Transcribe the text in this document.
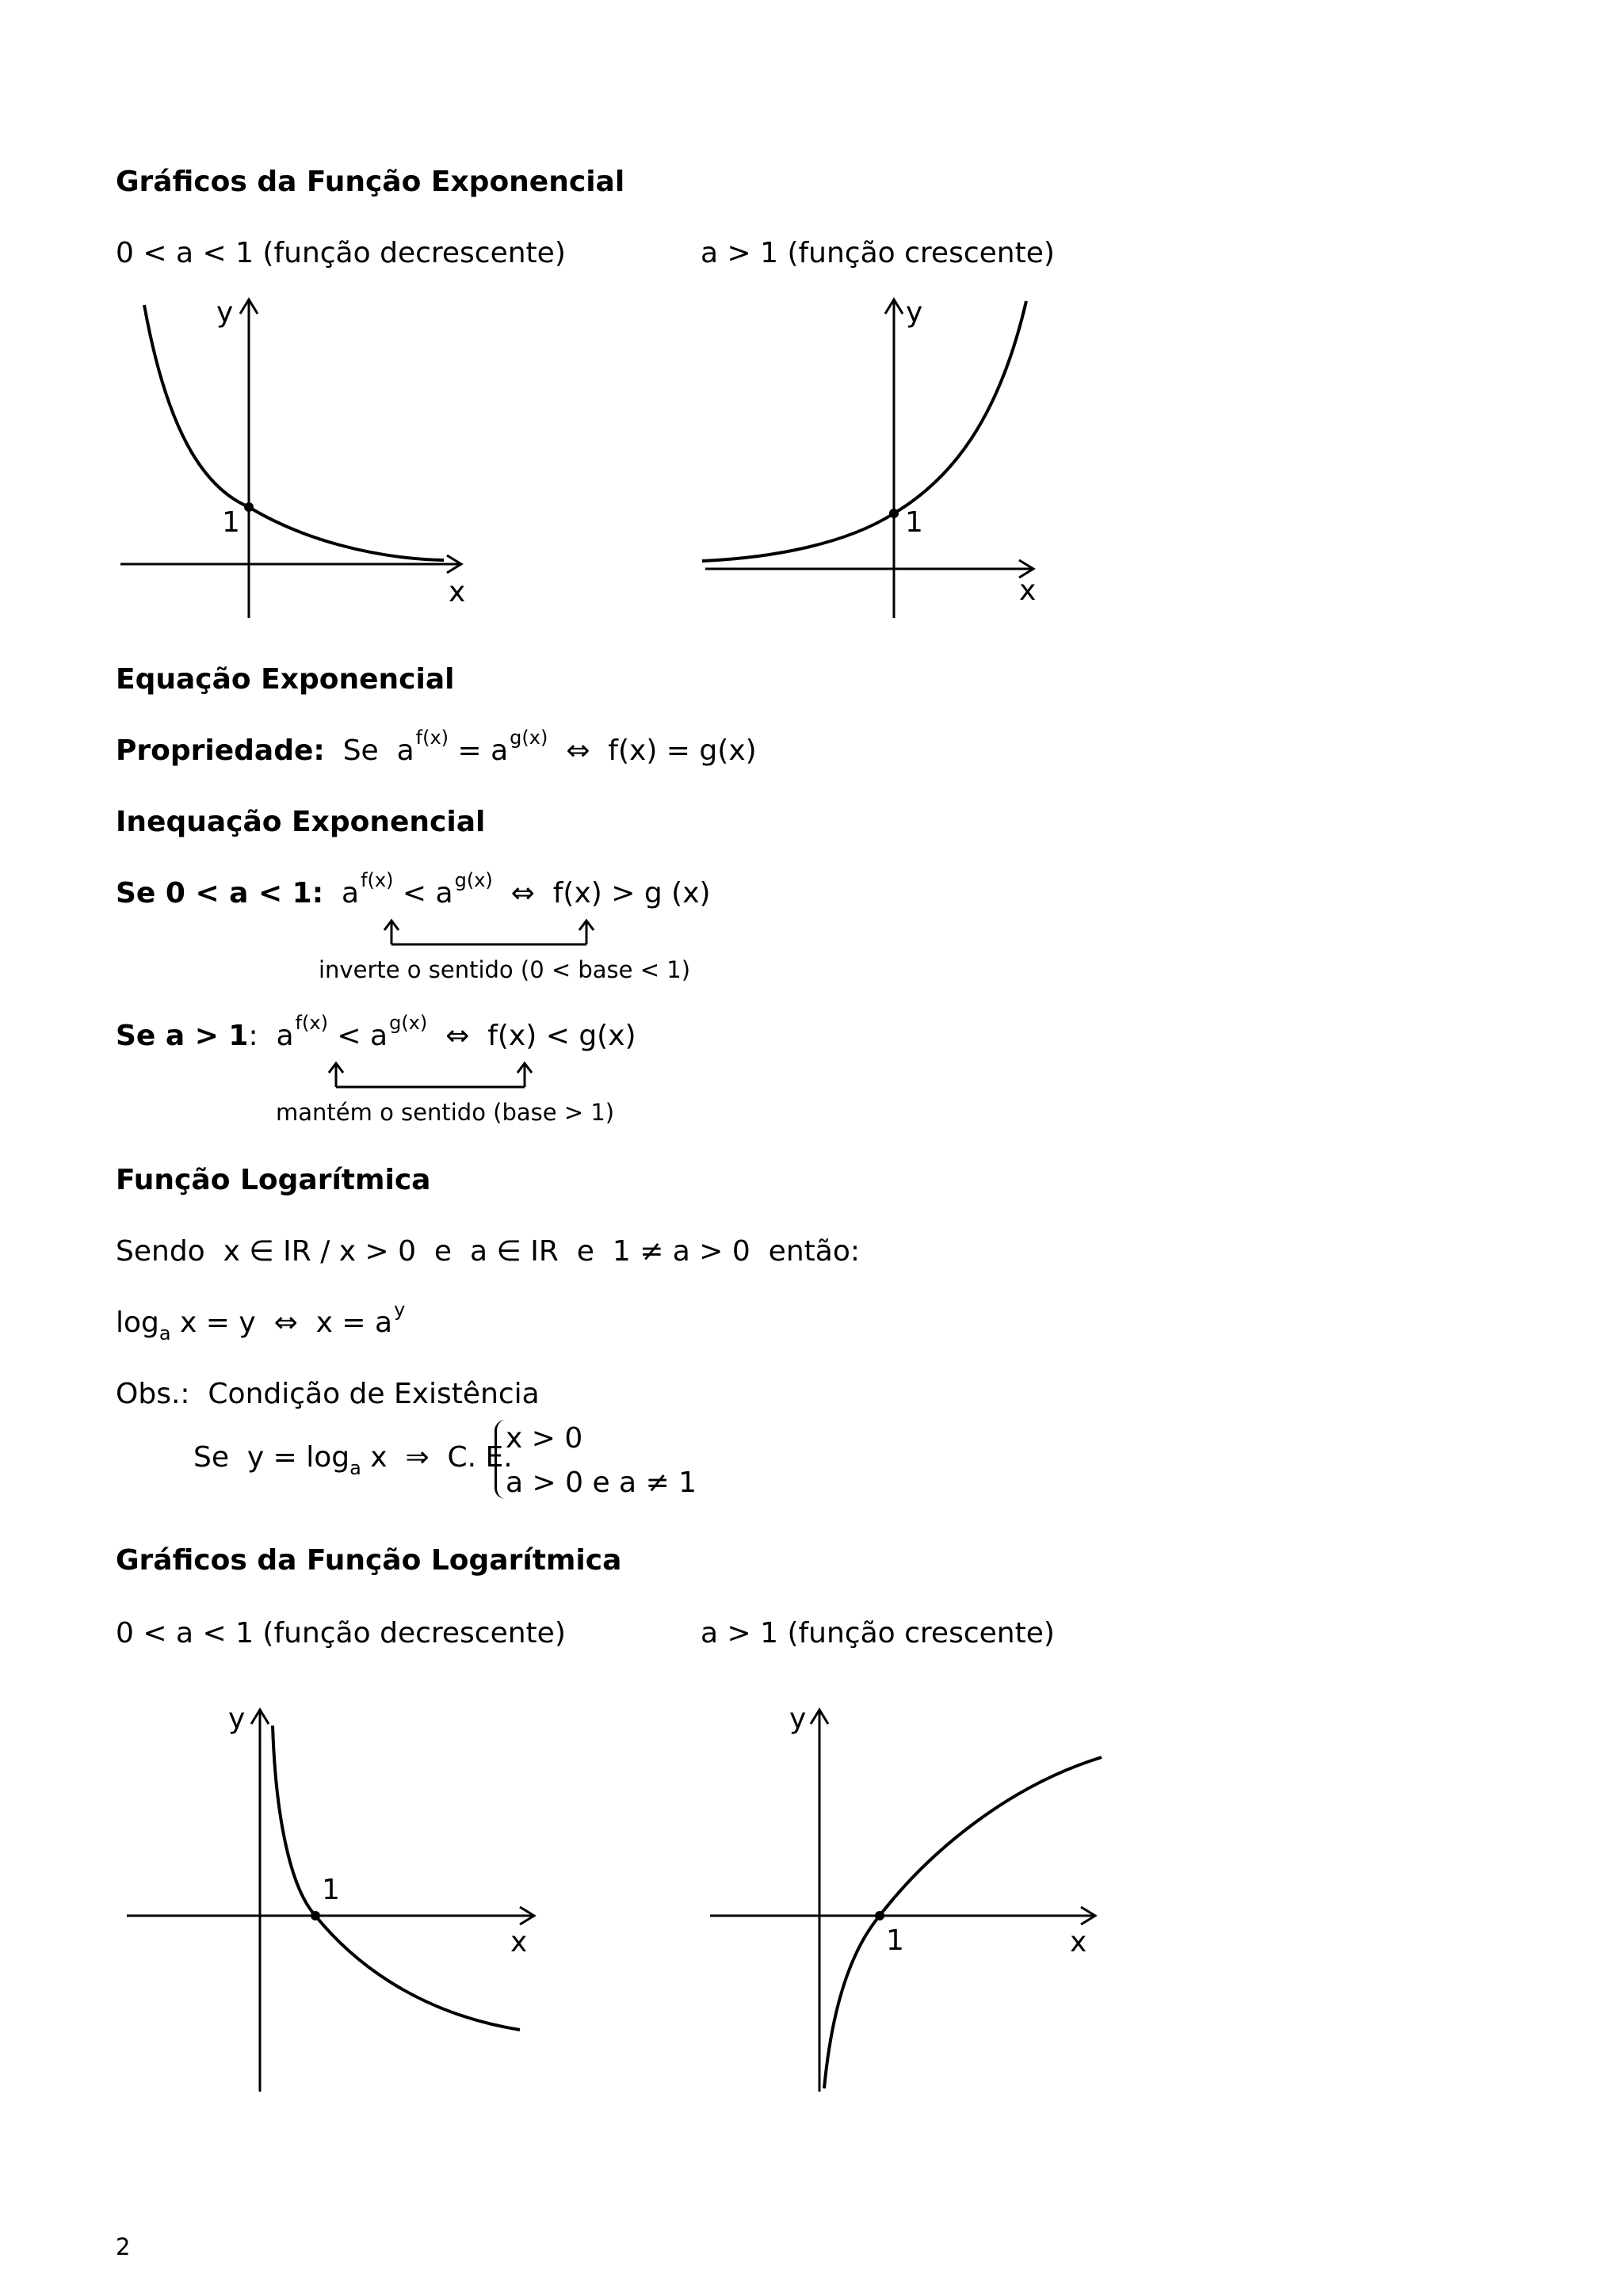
Gráficos da Função Exponencial
0 < a < 1 (função decrescente)	a > 1 (função crescente)
y
1
x
y
1
x
Equação Exponencial
Propriedade: Se $a^{f(x)} = a^{g(x)}$ ⇔ f(x) = g(x)
Inequação Exponencial
Se 0 < a < 1: $a^{f(x)} < a^{g(x)}$ ⇔ f(x) > g (x)
inverte o sentido (0 < base < 1)
Se a > 1: $a^{f(x)} < a^{g(x)}$ ⇔ f(x) < g(x)
mantém o sentido (base > 1)
Função Logarítmica
Sendo  x ∈ IR / x > 0  e  a ∈ IR  e  1 ≠ a > 0  então:
$\log_a x = y$  ⇔  $x = a^y$
Obs.:  Condição de Existência
Se  $y = \log_a x$  ⇒  C. E.
x > 0
a > 0 e a ≠ 1
Gráficos da Função Logarítmica
0 < a < 1 (função decrescente)	a > 1 (função crescente)
y
1
x
y
1	x
2
